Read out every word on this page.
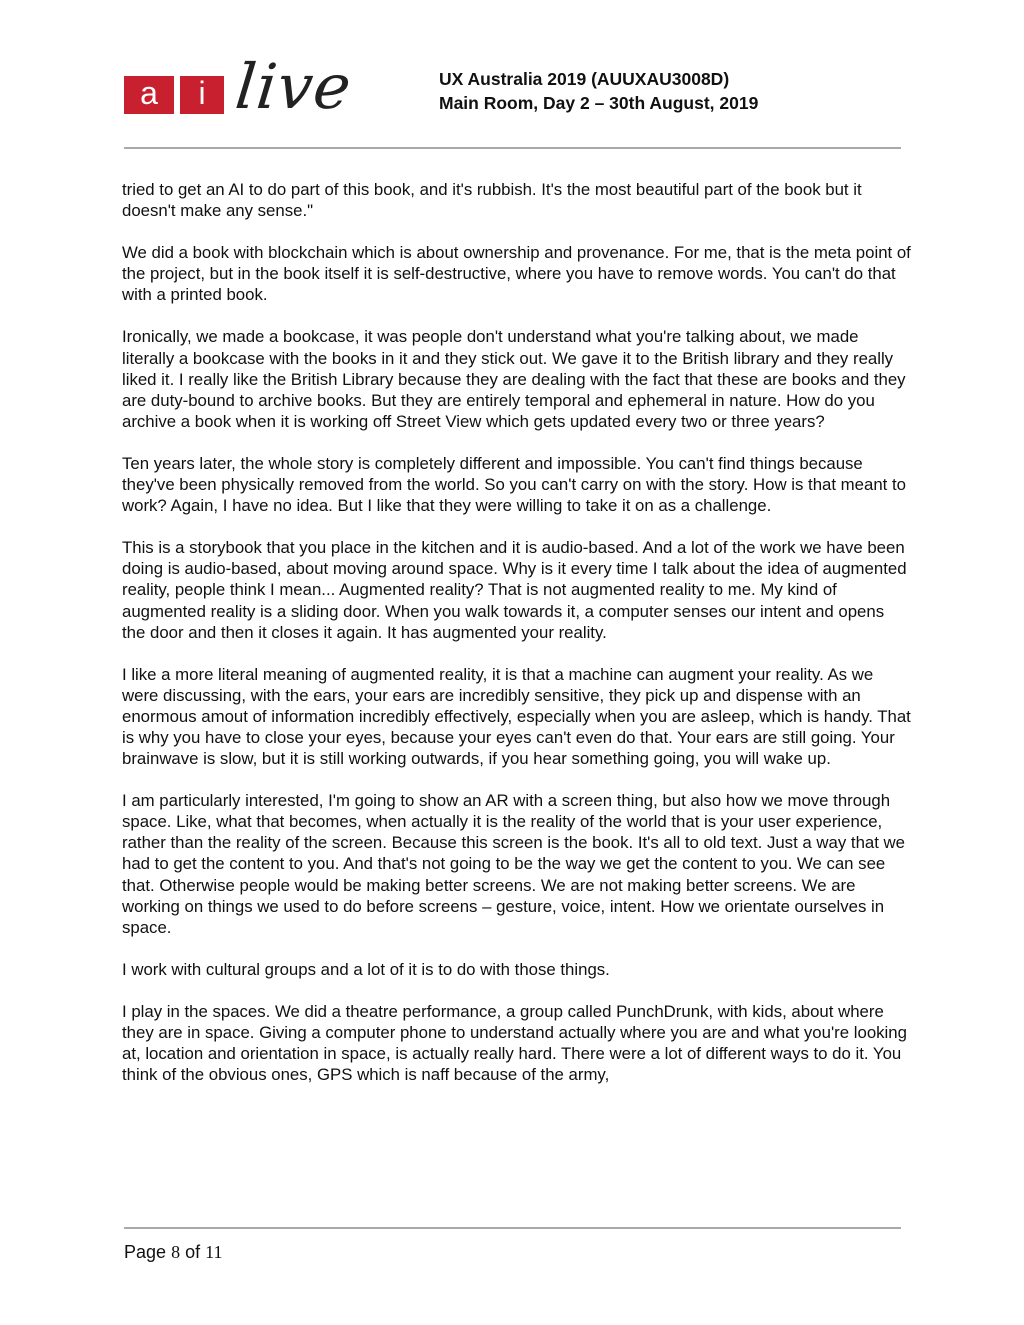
a	i live	UX Australia 2019 (AUUXAU3008D)
Main Room, Day 2 – 30th August, 2019

tried to get an AI to do part of this book, and it's rubbish. It's the most beautiful part of the book but it doesn't make any sense."

We did a book with blockchain which is about ownership and provenance. For me, that is the meta point of the project, but in the book itself it is self-destructive, where you have to remove words. You can't do that with a printed book.

Ironically, we made a bookcase, it was people don't understand what you're talking about, we made literally a bookcase with the books in it and they stick out. We gave it to the British library and they really liked it. I really like the British Library because they are dealing with the fact that these are books and they are duty-bound to archive books. But they are entirely temporal and ephemeral in nature. How do you archive a book when it is working off Street View which gets updated every two or three years?

Ten years later, the whole story is completely different and impossible. You can't find things because they've been physically removed from the world. So you can't carry on with the story. How is that meant to work? Again, I have no idea. But I like that they were willing to take it on as a challenge.

This is a storybook that you place in the kitchen and it is audio-based. And a lot of the work we have been doing is audio-based, about moving around space. Why is it every time I talk about the idea of augmented reality, people think I mean... Augmented reality? That is not augmented reality to me. My kind of augmented reality is a sliding door. When you walk towards it, a computer senses our intent and opens the door and then it closes it again. It has augmented your reality.

I like a more literal meaning of augmented reality, it is that a machine can augment your reality. As we were discussing, with the ears, your ears are incredibly sensitive, they pick up and dispense with an enormous amout of information incredibly effectively, especially when you are asleep, which is handy. That is why you have to close your eyes, because your eyes can't even do that. Your ears are still going. Your brainwave is slow, but it is still working outwards, if you hear something going, you will wake up.

I am particularly interested, I'm going to show an AR with a screen thing, but also how we move through space. Like, what that becomes, when actually it is the reality of the world that is your user experience, rather than the reality of the screen. Because this screen is the book. It's all to old text. Just a way that we had to get the content to you. And that's not going to be the way we get the content to you. We can see that. Otherwise people would be making better screens. We are not making better screens. We are working on things we used to do before screens – gesture, voice, intent. How we orientate ourselves in space.

I work with cultural groups and a lot of it is to do with those things.

I play in the spaces. We did a theatre performance, a group called PunchDrunk, with kids, about where they are in space. Giving a computer phone to understand actually where you are and what you're looking at, location and orientation in space, is actually really hard. There were a lot of different ways to do it. You think of the obvious ones, GPS which is naff because of the army,

Page 8 of 11
